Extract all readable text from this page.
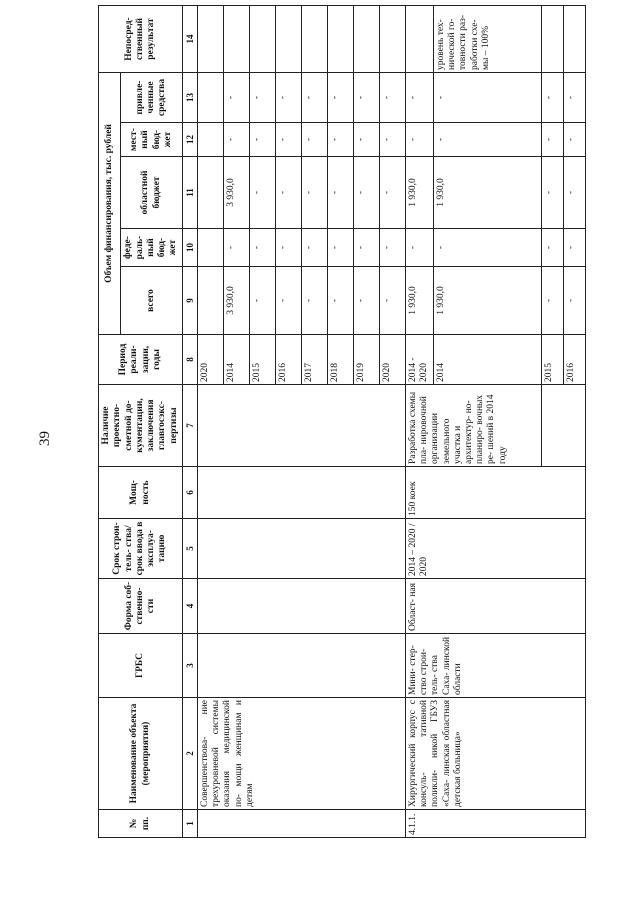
39
№ пп.	Наименование объекта (мероприятия)	ГРБС	Форма соб- ственно- сти	Срок строи- тель- ства/срок ввода в эксплуа- тацию	Мощ- ность	Наличие проектно- сметной до- кументации, заключения главгосэкс- пертизы	Период реали- зации, годы	Объем финансирования, тыс. рублей					Непосред- ственный результат
								всего	феде- раль- ный бюд- жет	областной бюджет	мест- ный бюд- жет	привле- ченные средства	
1	2	3	4	5	6	7	8	9	10	11	12	13	14
	Совершенствова- ние трехуровневой системы оказания медицинской по- мощи женщинам и детям						2020						
							2014	3 930,0	-	3 930,0	-	-	
							2015	-	-	-	-	-	
							2016	-	-	-	-	-	
							2017	-	-	-	-	-	
							2018	-	-	-	-	-	
							2019	-	-	-	-	-	
							2020	-	-	-	-	-	
4.1.1.	Хирургический корпус с консуль- тативной поликли- никой ГБУЗ «Саха- линская областная детская больница»	Мини- стер- ство строи- тель- ства Саха- линской области	Област- ная	2014 – 2020 / 2020	150 коек	Разработка схемы пла- нировочной организации земельного участка и архитектур- но-планиро- вочных ре- шений в 2014 году	2014 - 2020	1 930,0	-	1 930,0	-	-	
							2014	1 930,0	-	1 930,0	-	-	уровень тех- нической го- товности раз- работки схе- мы – 100%
							2015	-	-	-	-	-	
							2016	-	-	-	-	-	
